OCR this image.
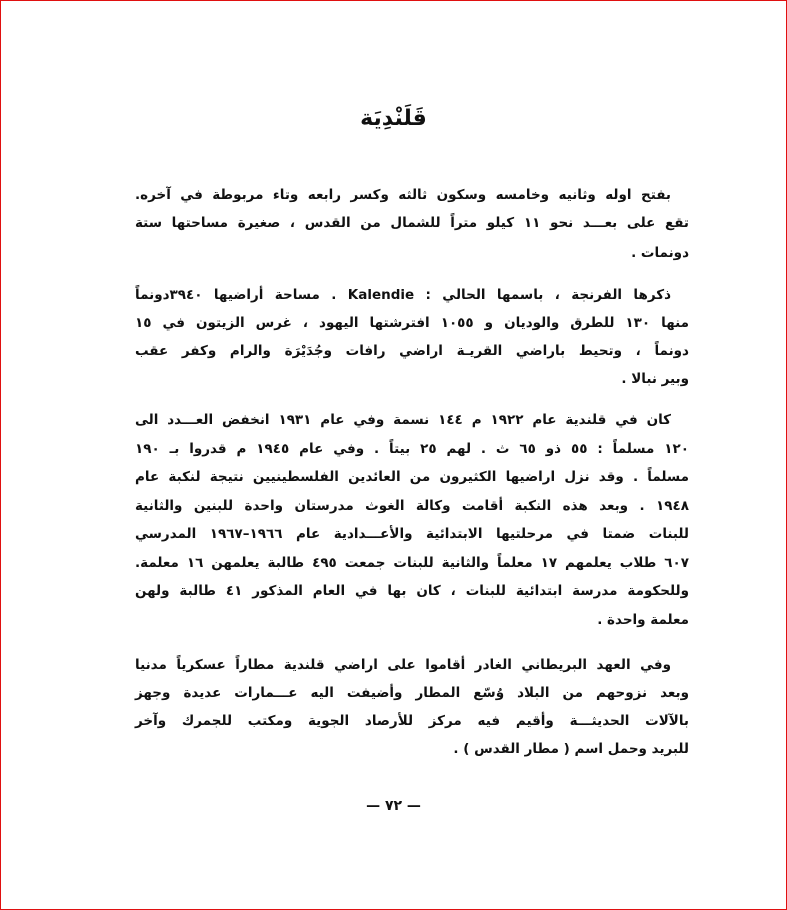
قَلَنْدِيَة
بفتح اوله وثانيه وخامسه وسكون ثالثه وكسر رابعه وتاء مربوطة في آخره.
تقع على بعـــد نحو ١١ كيلو متراً للشمال من القدس ، صغيرة مساحتها ستة
دونمات .
ذكرها الفرنجة ، باسمها الحالي : Kalendie . مساحة أراضيها ٣٩٤٠دونماً
منها ١٣٠ للطرق والوديان و ١٠٥٥ افترشتها اليهود ، غرس الزيتون في ١٥
دونماً ، وتحيط باراضي القريـة اراضي رافات وجُدَيْرَة والرام وكفر عقب
وبير نبالا .
كان في قلندية عام ١٩٢٢ م ١٤٤ نسمة وفي عام ١٩٣١ انخفض العـــدد الى
١٢٠ مسلماً : ٥٥ ذو ٦٥ ث . لهم ٢٥ بيتاً . وفي عام ١٩٤٥ م قدروا بـ ١٩٠
مسلماً . وقد نزل اراضيها الكثيرون من العائدين الفلسطينيين نتيجة لنكبة عام
١٩٤٨ . وبعد هذه النكبة أقامت وكالة الغوث مدرستان واحدة للبنين والثانية
للبنات ضمتا في مرحلتيها الابتدائية والأعـــدادية عام ١٩٦٦–١٩٦٧ المدرسي
٦٠٧ طلاب يعلمهم ١٧ معلماً والثانية للبنات جمعت ٤٩٥ طالبة يعلمهن ١٦ معلمة.
وللحكومة مدرسة ابتدائية للبنات ، كان بها في العام المذكور ٤١ طالبة ولهن
معلمة واحدة .
وفي العهد البريطاني الغادر أقاموا على اراضي قلندية مطاراً عسكرياً مدنيا
وبعد نزوحهم من البلاد وُسّع المطار وأضيفت اليه عـــمارات عديدة وجهز
بالآلات الحديثـــة وأقيم فيه مركز للأرصاد الجوية ومكتب للجمرك وآخر
للبريد وحمل اسم ( مطار القدس ) .
— ٧٢ —
